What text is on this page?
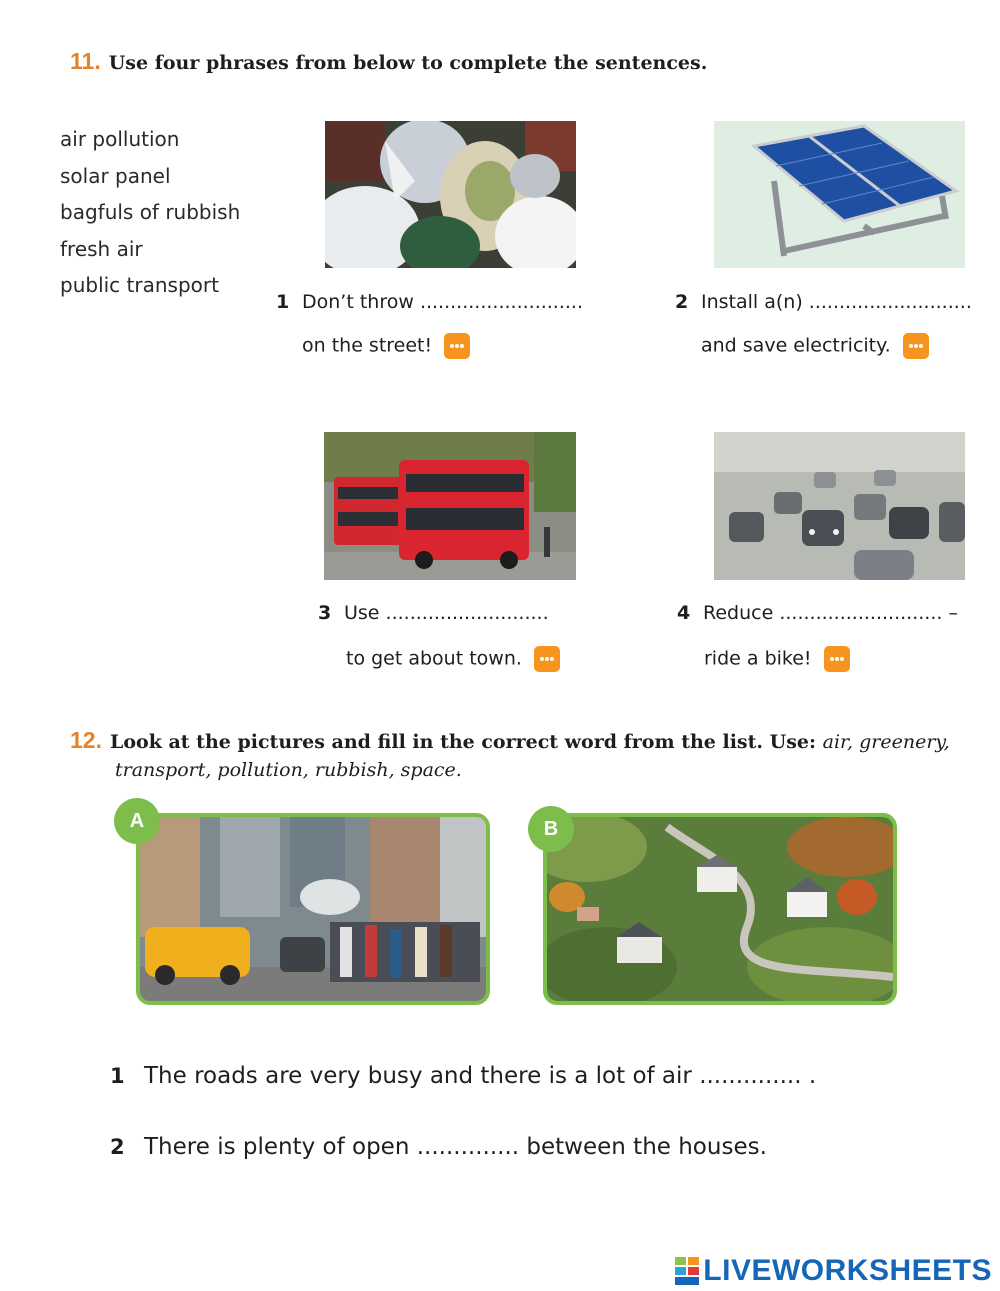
11. Use four phrases from below to complete the sentences.
air pollution
solar panel
bagfuls of rubbish
fresh air
public transport
1 Don’t throw ...........................
on the street!
2 Install a(n) ...........................
and save electricity.
3 Use ...........................
to get about town.
4 Reduce ........................... –
ride a bike!
12. Look at the pictures and fill in the correct word from the list. Use: air, greenery,
transport, pollution, rubbish, space.
A	B
1 The roads are very busy and there is a lot of air .............. .
2 There is plenty of open .............. between the houses.
LIVEWORKSHEETS
